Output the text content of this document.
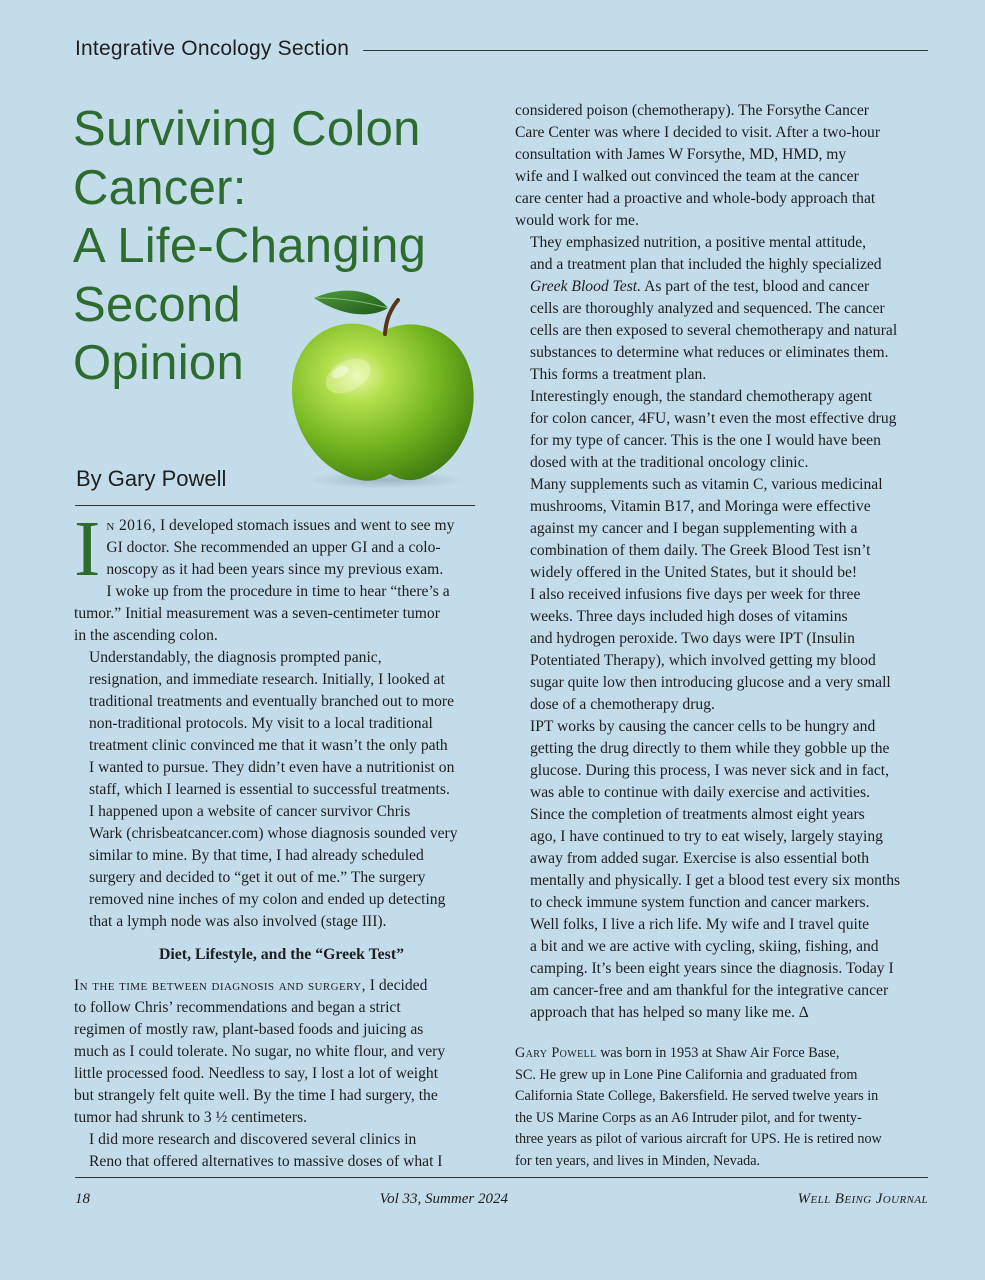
Integrative Oncology Section
Surviving Colon
Cancer:
A Life-Changing
Second
Opinion
By Gary Powell

I n 2016, I developed stomach issues and went to see my
GI doctor. She recommended an upper GI and a colo-
noscopy as it had been years since my previous exam.
I woke up from the procedure in time to hear “there’s a
tumor.” Initial measurement was a seven-centimeter tumor
in the ascending colon.

Understandably, the diagnosis prompted panic,
resignation, and immediate research. Initially, I looked at
traditional treatments and eventually branched out to more
non-traditional protocols. My visit to a local traditional
treatment clinic convinced me that it wasn’t the only path
I wanted to pursue. They didn’t even have a nutritionist on
staff, which I learned is essential to successful treatments.

I happened upon a website of cancer survivor Chris
Wark (chrisbeatcancer.com) whose diagnosis sounded very
similar to mine. By that time, I had already scheduled
surgery and decided to “get it out of me.” The surgery
removed nine inches of my colon and ended up detecting
that a lymph node was also involved (stage III).

Diet, Lifestyle, and the “Greek Test”

In the time between diagnosis and surgery, I decided
to follow Chris’ recommendations and began a strict
regimen of mostly raw, plant-based foods and juicing as
much as I could tolerate. No sugar, no white flour, and very
little processed food. Needless to say, I lost a lot of weight
but strangely felt quite well. By the time I had surgery, the
tumor had shrunk to 3 ½ centimeters.

I did more research and discovered several clinics in
Reno that offered alternatives to massive doses of what I

considered poison (chemotherapy). The Forsythe Cancer
Care Center was where I decided to visit. After a two-hour
consultation with James W Forsythe, MD, HMD, my
wife and I walked out convinced the team at the cancer
care center had a proactive and whole-body approach that
would work for me.

They emphasized nutrition, a positive mental attitude,
and a treatment plan that included the highly specialized
Greek Blood Test. As part of the test, blood and cancer
cells are thoroughly analyzed and sequenced. The cancer
cells are then exposed to several chemotherapy and natural
substances to determine what reduces or eliminates them.
This forms a treatment plan.

Interestingly enough, the standard chemotherapy agent
for colon cancer, 4FU, wasn’t even the most effective drug
for my type of cancer. This is the one I would have been
dosed with at the traditional oncology clinic.

Many supplements such as vitamin C, various medicinal
mushrooms, Vitamin B17, and Moringa were effective
against my cancer and I began supplementing with a
combination of them daily. The Greek Blood Test isn’t
widely offered in the United States, but it should be!

I also received infusions five days per week for three
weeks. Three days included high doses of vitamins
and hydrogen peroxide. Two days were IPT (Insulin
Potentiated Therapy), which involved getting my blood
sugar quite low then introducing glucose and a very small
dose of a chemotherapy drug.

IPT works by causing the cancer cells to be hungry and
getting the drug directly to them while they gobble up the
glucose. During this process, I was never sick and in fact,
was able to continue with daily exercise and activities.

Since the completion of treatments almost eight years
ago, I have continued to try to eat wisely, largely staying
away from added sugar. Exercise is also essential both
mentally and physically. I get a blood test every six months
to check immune system function and cancer markers.

Well folks, I live a rich life. My wife and I travel quite
a bit and we are active with cycling, skiing, fishing, and
camping. It’s been eight years since the diagnosis. Today I
am cancer-free and am thankful for the integrative cancer
approach that has helped so many like me. ∆

Gary Powell was born in 1953 at Shaw Air Force Base,
SC. He grew up in Lone Pine California and graduated from
California State College, Bakersfield. He served twelve years in
the US Marine Corps as an A6 Intruder pilot, and for twenty-
three years as pilot of various aircraft for UPS. He is retired now
for ten years, and lives in Minden, Nevada.
18	Vol 33, Summer 2024	Well Being Journal
